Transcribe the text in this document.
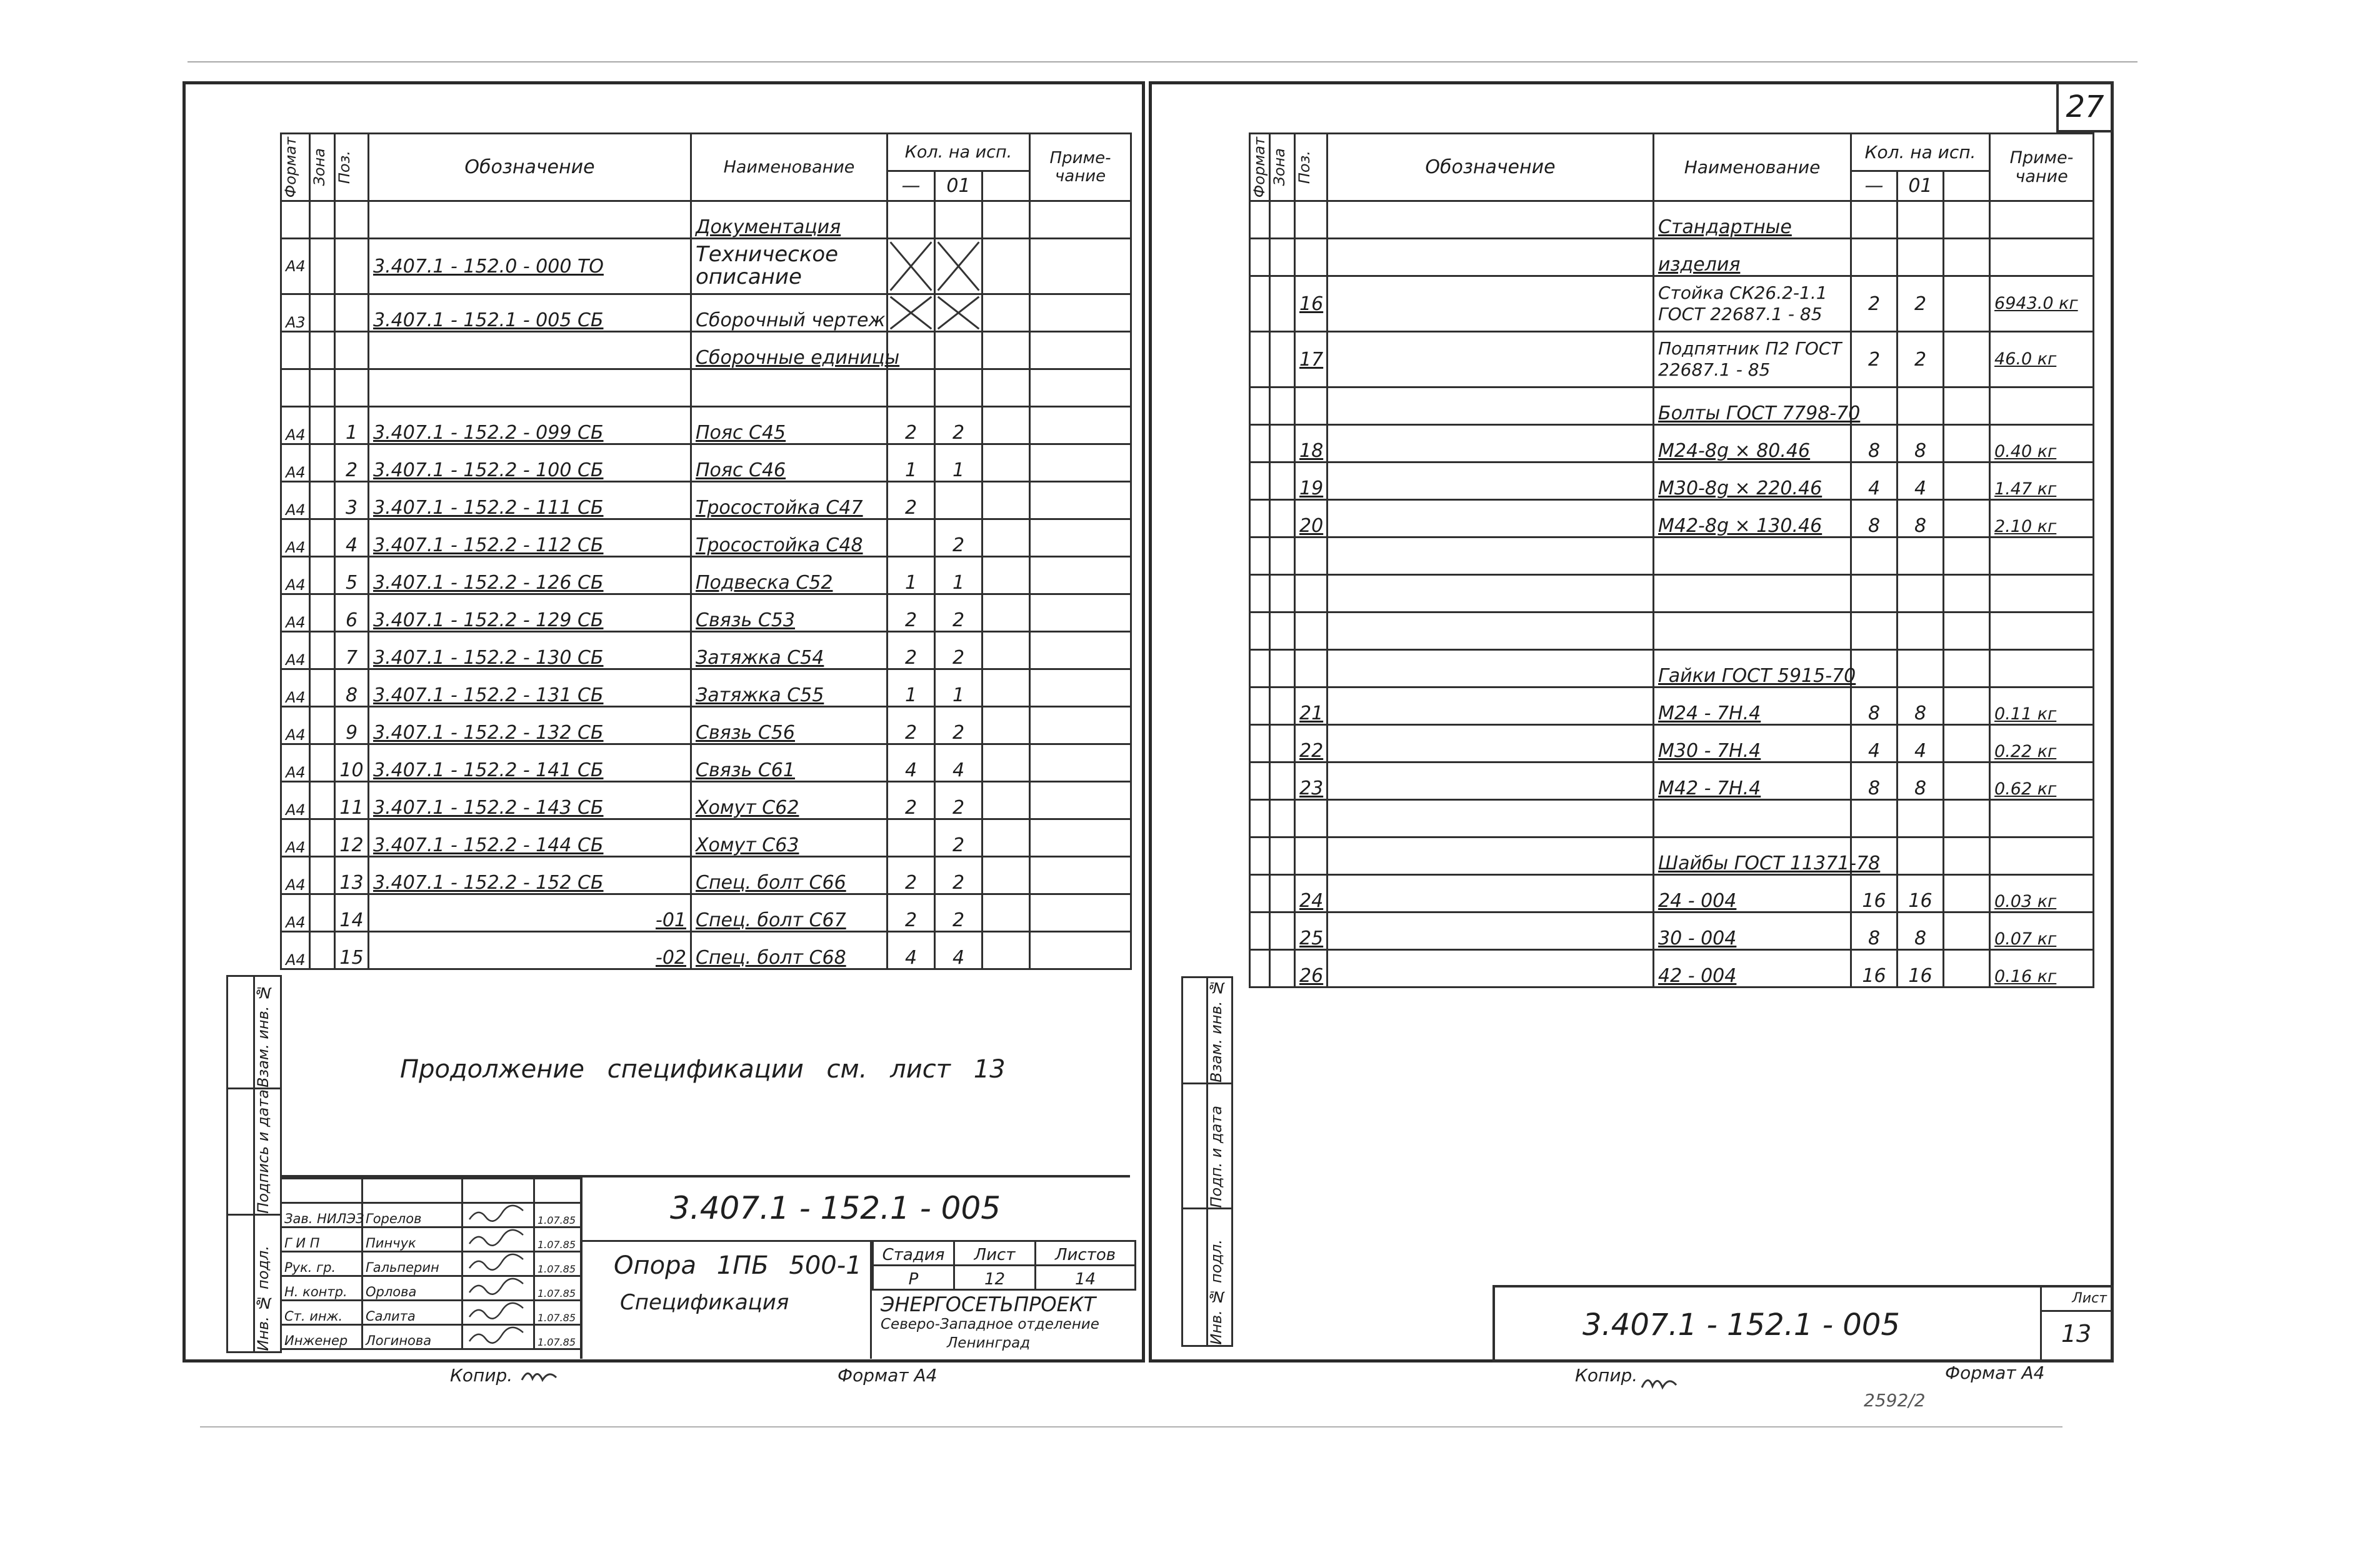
Формат	Зона	Поз.	Обозначение	Наименование	Кол. на исп.			Приме- чание
					—	01		
				Документация				
А4			3.407.1 - 152.0 - 000 ТО	Техническое описание	

А3			3.407.1 - 152.1 - 005 СБ	Сборочный чертеж	

				Сборочные единицы				

А4		1	3.407.1 - 152.2 - 099 СБ	Пояс С45	2	2		
А4		2	3.407.1 - 152.2 - 100 СБ	Пояс С46	1	1		
А4		3	3.407.1 - 152.2 - 111 СБ	Тросостойка С47	2			
А4		4	3.407.1 - 152.2 - 112 СБ	Тросостойка С48		2		
А4		5	3.407.1 - 152.2 - 126 СБ	Подвеска С52	1	1		
А4		6	3.407.1 - 152.2 - 129 СБ	Связь С53	2	2		
А4		7	3.407.1 - 152.2 - 130 СБ	Затяжка С54	2	2		
А4		8	3.407.1 - 152.2 - 131 СБ	Затяжка С55	1	1		
А4		9	3.407.1 - 152.2 - 132 СБ	Связь С56	2	2		
А4		10	3.407.1 - 152.2 - 141 СБ	Связь С61	4	4		
А4		11	3.407.1 - 152.2 - 143 СБ	Хомут С62	2	2		
А4		12	3.407.1 - 152.2 - 144 СБ	Хомут С63		2		
А4		13	3.407.1 - 152.2 - 152 СБ	Спец. болт С66	2	2		
А4		14	-01	Спец. болт С67	2	2		
А4		15	-02	Спец. болт С68	4	4		
Продолжение спецификации см. лист 13

	Взам. инв. №

	Подпись и дата

	Инв. № подл.

Зав. НИЛЭЗ	Горелов		1.07.85
Г И П	Пинчук		1.07.85
Рук. гр.	Гальперин		1.07.85
Н. контр.	Орлова		1.07.85
Ст. инж.	Салита		1.07.85
Инженер	Логинова		1.07.85
3.407.1 - 152.1 - 005
Опора 1ПБ 500-1
Спецификация
Стадия	Лист	Листов
Р	12	14
ЭНЕРГОСЕТЬПРОЕКТ
Северо-Западное отделение
Ленинград
Копир.	Формат А4
27
Формат	Зона	Поз.	Обозначение	Наименование	Кол. на исп.			Приме- чание
					—	01		
				Стандартные				
				изделия				
		16		Стойка СК26.2-1.1 ГОСТ 22687.1 - 85	2	2		6943.0 кг
		17		Подпятник П2 ГОСТ 22687.1 - 85	2	2		46.0 кг
				Болты ГОСТ 7798-70				
		18		М24-8g × 80.46	8	8		0.40 кг
		19		М30-8g × 220.46	4	4		1.47 кг
		20		М42-8g × 130.46	8	8		2.10 кг

				Гайки ГОСТ 5915-70				
		21		М24 - 7Н.4	8	8		0.11 кг
		22		М30 - 7Н.4	4	4		0.22 кг
		23		М42 - 7Н.4	8	8		0.62 кг

				Шайбы ГОСТ 11371-78				
		24		24 - 004	16	16		0.03 кг
		25		30 - 004	8	8		0.07 кг
		26		42 - 004	16	16		0.16 кг

	Взам. инв. №

	Подп. и дата

	Инв. № подл.	3.407.1 - 152.1 - 005
Лист
13
Копир.	Формат А4
2592/2
